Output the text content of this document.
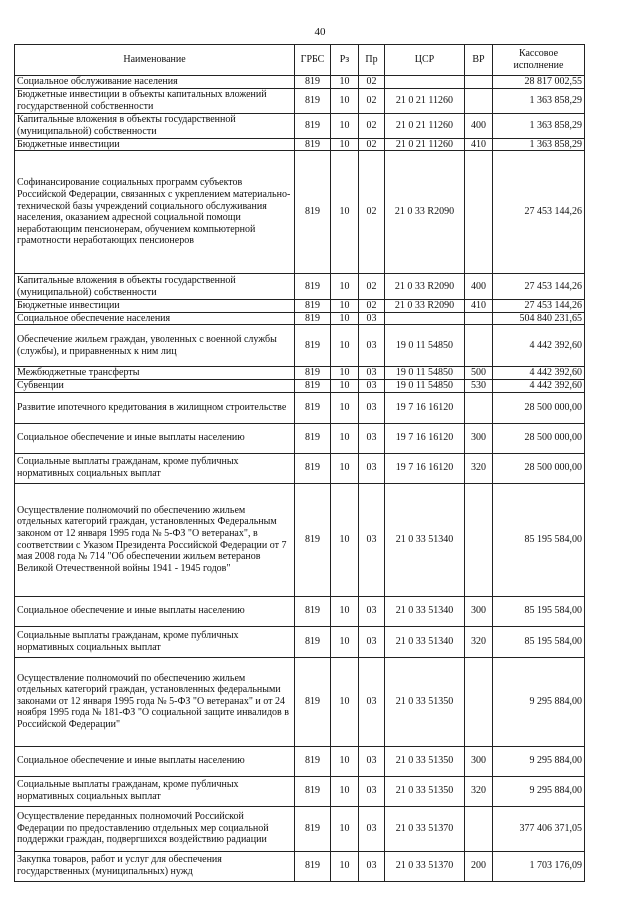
40
Наименование	ГРБС	Рз	Пр	ЦСР	ВР	Кассовое исполнение
Социальное обслуживание населения	819	10	02			28 817 002,55
Бюджетные инвестиции в объекты капитальных вложений государственной собственности	819	10	02	21 0 21 11260		1 363 858,29
Капитальные вложения в объекты государственной (муниципальной) собственности	819	10	02	21 0 21 11260	400	1 363 858,29
Бюджетные инвестиции	819	10	02	21 0 21 11260	410	1 363 858,29
Софинансирование социальных программ субъектов Российской Федерации, связанных с укреплением материально-технической базы учреждений социального обслуживания населения, оказанием адресной социальной помощи неработающим пенсионерам, обучением компьютерной грамотности неработающих пенсионеров	819	10	02	21 0 33 R2090		27 453 144,26
Капитальные вложения в объекты государственной (муниципальной) собственности	819	10	02	21 0 33 R2090	400	27 453 144,26
Бюджетные инвестиции	819	10	02	21 0 33 R2090	410	27 453 144,26
Социальное обеспечение населения	819	10	03			504 840 231,65
Обеспечение жильем граждан, уволенных с военной службы (службы), и приравненных к ним лиц	819	10	03	19 0 11 54850		4 442 392,60
Межбюджетные трансферты	819	10	03	19 0 11 54850	500	4 442 392,60
Субвенции	819	10	03	19 0 11 54850	530	4 442 392,60
Развитие ипотечного кредитования в жилищном строительстве	819	10	03	19 7 16 16120		28 500 000,00
Социальное обеспечение и иные выплаты населению	819	10	03	19 7 16 16120	300	28 500 000,00
Социальные выплаты гражданам, кроме публичных нормативных социальных выплат	819	10	03	19 7 16 16120	320	28 500 000,00
Осуществление полномочий по обеспечению жильем отдельных категорий граждан, установленных Федеральным законом от 12 января 1995 года № 5-ФЗ "О ветеранах", в соответствии с Указом Президента Российской Федерации от 7 мая 2008 года № 714 "Об обеспечении жильем ветеранов Великой Отечественной войны 1941 - 1945 годов"	819	10	03	21 0 33 51340		85 195 584,00
Социальное обеспечение и иные выплаты населению	819	10	03	21 0 33 51340	300	85 195 584,00
Социальные выплаты гражданам, кроме публичных нормативных социальных выплат	819	10	03	21 0 33 51340	320	85 195 584,00
Осуществление полномочий по обеспечению жильем отдельных категорий граждан, установленных федеральными законами от 12 января 1995 года № 5-ФЗ "О ветеранах" и от 24 ноября 1995 года № 181-ФЗ "О социальной защите инвалидов в Российской Федерации"	819	10	03	21 0 33 51350		9 295 884,00
Социальное обеспечение и иные выплаты населению	819	10	03	21 0 33 51350	300	9 295 884,00
Социальные выплаты гражданам, кроме публичных нормативных социальных выплат	819	10	03	21 0 33 51350	320	9 295 884,00
Осуществление переданных полномочий Российской Федерации по предоставлению отдельных мер социальной поддержки граждан, подвергшихся воздействию радиации	819	10	03	21 0 33 51370		377 406 371,05
Закупка товаров, работ и услуг для обеспечения государственных (муниципальных) нужд	819	10	03	21 0 33 51370	200	1 703 176,09
